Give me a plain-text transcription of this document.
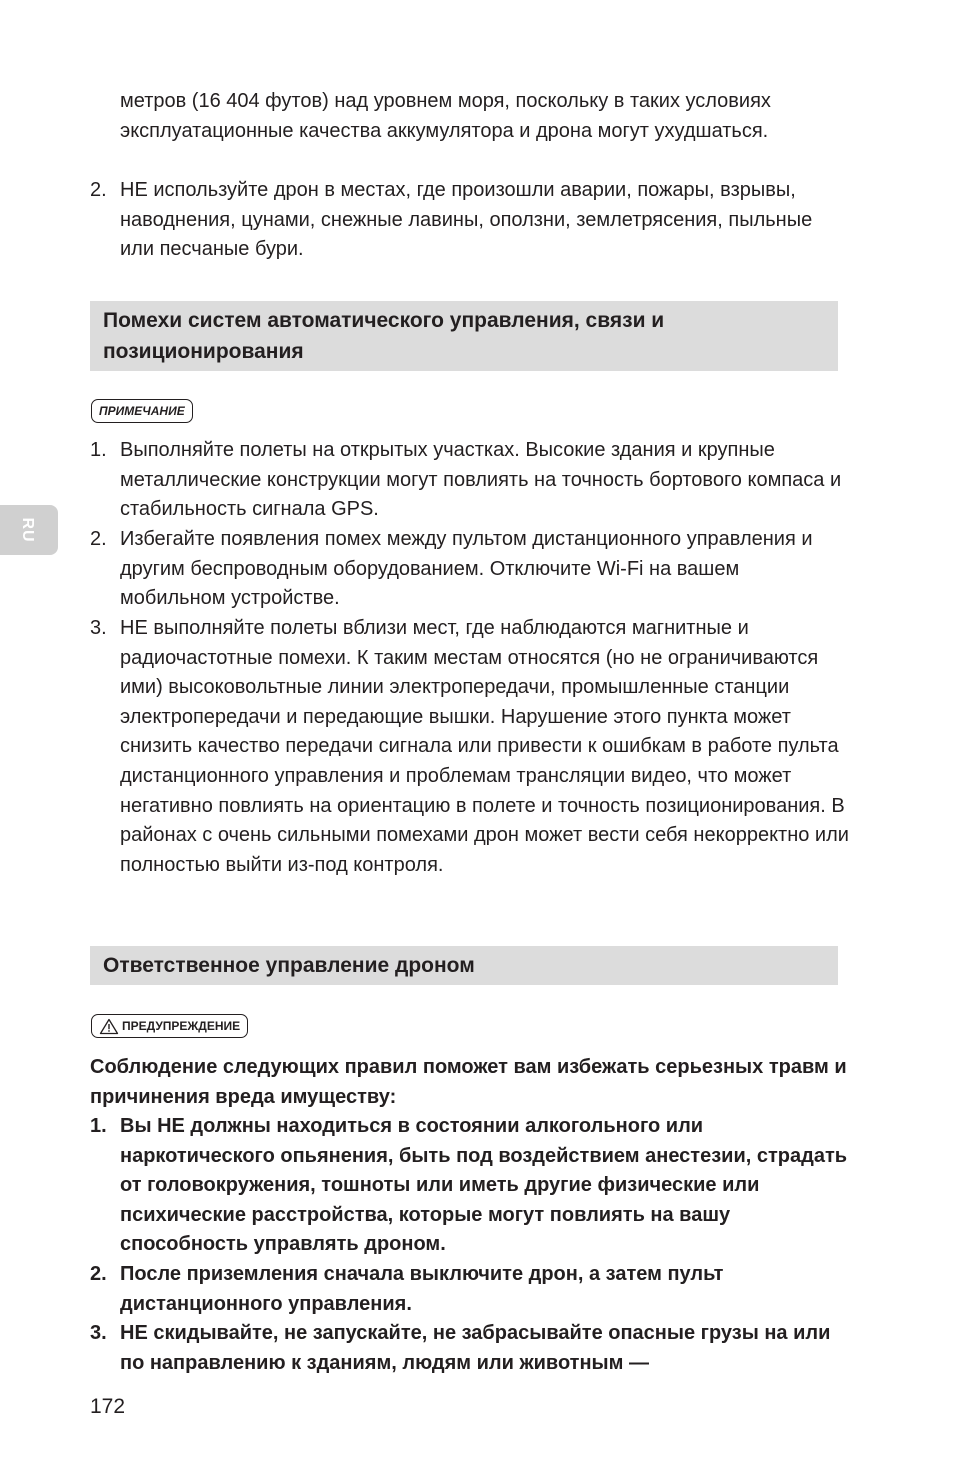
RU
метров (16 404 футов) над уровнем моря, поскольку в таких условиях эксплуатационные качества аккумулятора и дрона могут ухудшаться.
2. НЕ используйте дрон в местах, где произошли аварии, пожары, взрывы, наводнения, цунами, снежные лавины, оползни, землетрясения, пыльные или песчаные бури.
Помехи систем автоматического управления, связи и позиционирования
ПРИМЕЧАНИЕ
1. Выполняйте полеты на открытых участках. Высокие здания и крупные металлические конструкции могут повлиять на точность бортового компаса и стабильность сигнала GPS.
2. Избегайте появления помех между пультом дистанционного управления и другим беспроводным оборудованием. Отключите Wi-Fi на вашем мобильном устройстве.
3. НЕ выполняйте полеты вблизи мест, где наблюдаются магнитные и радиочастотные помехи. К таким местам относятся (но не ограничиваются ими) высоковольтные линии электропередачи, промышленные станции электропередачи и передающие вышки. Нарушение этого пункта может снизить качество передачи сигнала или привести к ошибкам в работе пульта дистанционного управления и проблемам трансляции видео, что может негативно повлиять на ориентацию в полете и точность позиционирования. В районах с очень сильными помехами дрон может вести себя некорректно или полностью выйти из-под контроля.
Ответственное управление дроном
ПРЕДУПРЕЖДЕНИЕ
Соблюдение следующих правил поможет вам избежать серьезных травм и причинения вреда имуществу:
1. Вы НЕ должны находиться в состоянии алкогольного или наркотического опьянения, быть под воздействием анестезии, страдать от головокружения, тошноты или иметь другие физические или психические расстройства, которые могут повлиять на вашу способность управлять дроном.
2. После приземления сначала выключите дрон, а затем пульт дистанционного управления.
3. НЕ скидывайте, не запускайте, не забрасывайте опасные грузы на или по направлению к зданиям, людям или животным —
172
